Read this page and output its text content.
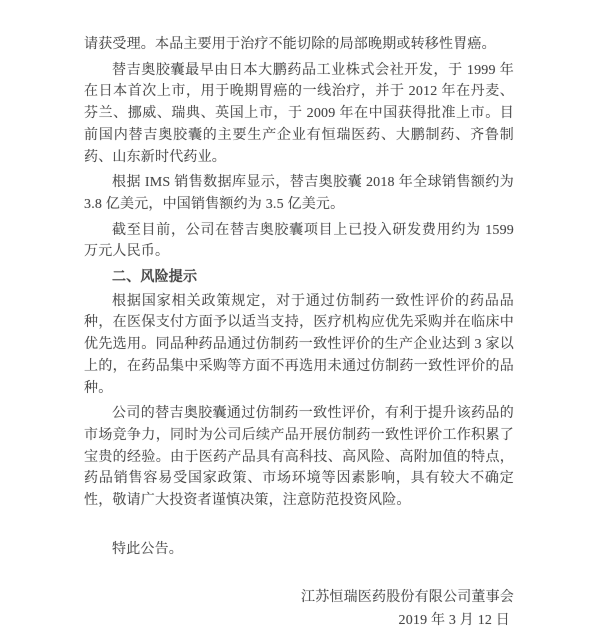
请获受理。本品主要用于治疗不能切除的局部晚期或转移性胃癌。

替吉奥胶囊最早由日本大鹏药品工业株式会社开发，于 1999 年在日本首次上市，用于晚期胃癌的一线治疗，并于 2012 年在丹麦、芬兰、挪威、瑞典、英国上市，于 2009 年在中国获得批准上市。目前国内替吉奥胶囊的主要生产企业有恒瑞医药、大鹏制药、齐鲁制药、山东新时代药业。

根据 IMS 销售数据库显示，替吉奥胶囊 2018 年全球销售额约为 3.8 亿美元，中国销售额约为 3.5 亿美元。

截至目前，公司在替吉奥胶囊项目上已投入研发费用约为 1599 万元人民币。

二、风险提示

根据国家相关政策规定，对于通过仿制药一致性评价的药品品种，在医保支付方面予以适当支持，医疗机构应优先采购并在临床中优先选用。同品种药品通过仿制药一致性评价的生产企业达到 3 家以上的，在药品集中采购等方面不再选用未通过仿制药一致性评价的品种。

公司的替吉奥胶囊通过仿制药一致性评价，有利于提升该药品的市场竞争力，同时为公司后续产品开展仿制药一致性评价工作积累了宝贵的经验。由于医药产品具有高科技、高风险、高附加值的特点，药品销售容易受国家政策、市场环境等因素影响，具有较大不确定性，敬请广大投资者谨慎决策，注意防范投资风险。

特此公告。

江苏恒瑞医药股份有限公司董事会

2019 年 3 月 12 日
